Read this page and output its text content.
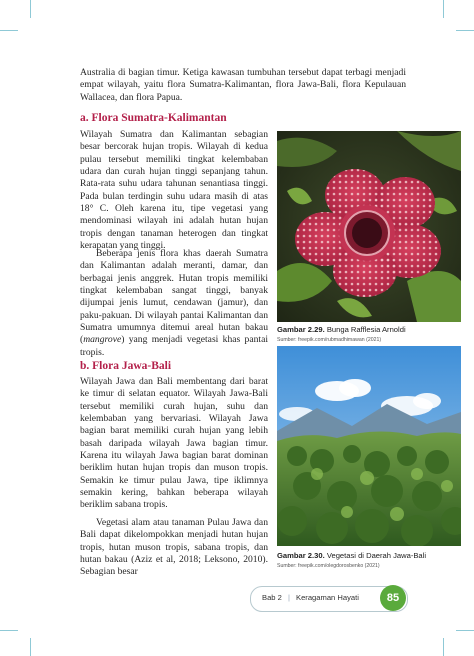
Australia di bagian timur. Ketiga kawasan tumbuhan tersebut dapat terbagi menjadi empat wilayah, yaitu flora Sumatra-Kalimantan, flora Jawa-Bali, flora Kepulauan Wallacea, dan flora Papua.

a. Flora Sumatra-Kalimantan

Wilayah Sumatra dan Kalimantan sebagian besar bercorak hujan tropis. Wilayah di kedua pulau tersebut memiliki tingkat kelembaban udara dan curah hujan tinggi sepanjang tahun. Rata-rata suhu udara tahunan senantiasa tinggi. Pada bulan terdingin suhu udara masih di atas 18° C. Oleh karena itu, tipe vegetasi yang mendominasi wilayah ini adalah hutan hujan tropis dengan tanaman heterogen dan tingkat kerapatan yang tinggi.

Beberapa jenis flora khas daerah Sumatra dan Kalimantan adalah meranti, damar, dan berbagai jenis anggrek. Hutan tropis memiliki tingkat kelembaban sangat tinggi, banyak dijumpai jenis lumut, cendawan (jamur), dan paku-pakuan. Di wilayah pantai Kalimantan dan Sumatra umumnya ditemui areal hutan bakau (mangrove) yang menjadi vegetasi khas pantai tropis.

b. Flora Jawa-Bali

Wilayah Jawa dan Bali membentang dari barat ke timur di selatan equator. Wilayah Jawa-Bali tersebut memiliki curah hujan, suhu dan kelembaban yang bervariasi. Wilayah Jawa bagian barat memiliki curah hujan yang lebih basah daripada wilayah Jawa bagian timur. Karena itu wilayah Jawa bagian barat dominan beriklim hutan hujan tropis dan muson tropis. Semakin ke timur pulau Jawa, tipe iklimnya semakin kering, bahkan beberapa wilayah beriklim sabana tropis.

Vegetasi alam atau tanaman Pulau Jawa dan Bali dapat dikelompokkan menjadi hutan hujan tropis, hutan muson tropis, sabana tropis, dan hutan bakau (Aziz et al, 2018; Leksono, 2010). Sebagian besar

Gambar 2.29. Bunga Rafflesia Arnoldi
Sumber: freepik.com/rubmadhimawan (2021)
Gambar 2.30. Vegetasi di Daerah Jawa-Bali
Sumber: freepik.com/olegdorosbenko (2021)
Bab 2 | Keragaman Hayati	85
